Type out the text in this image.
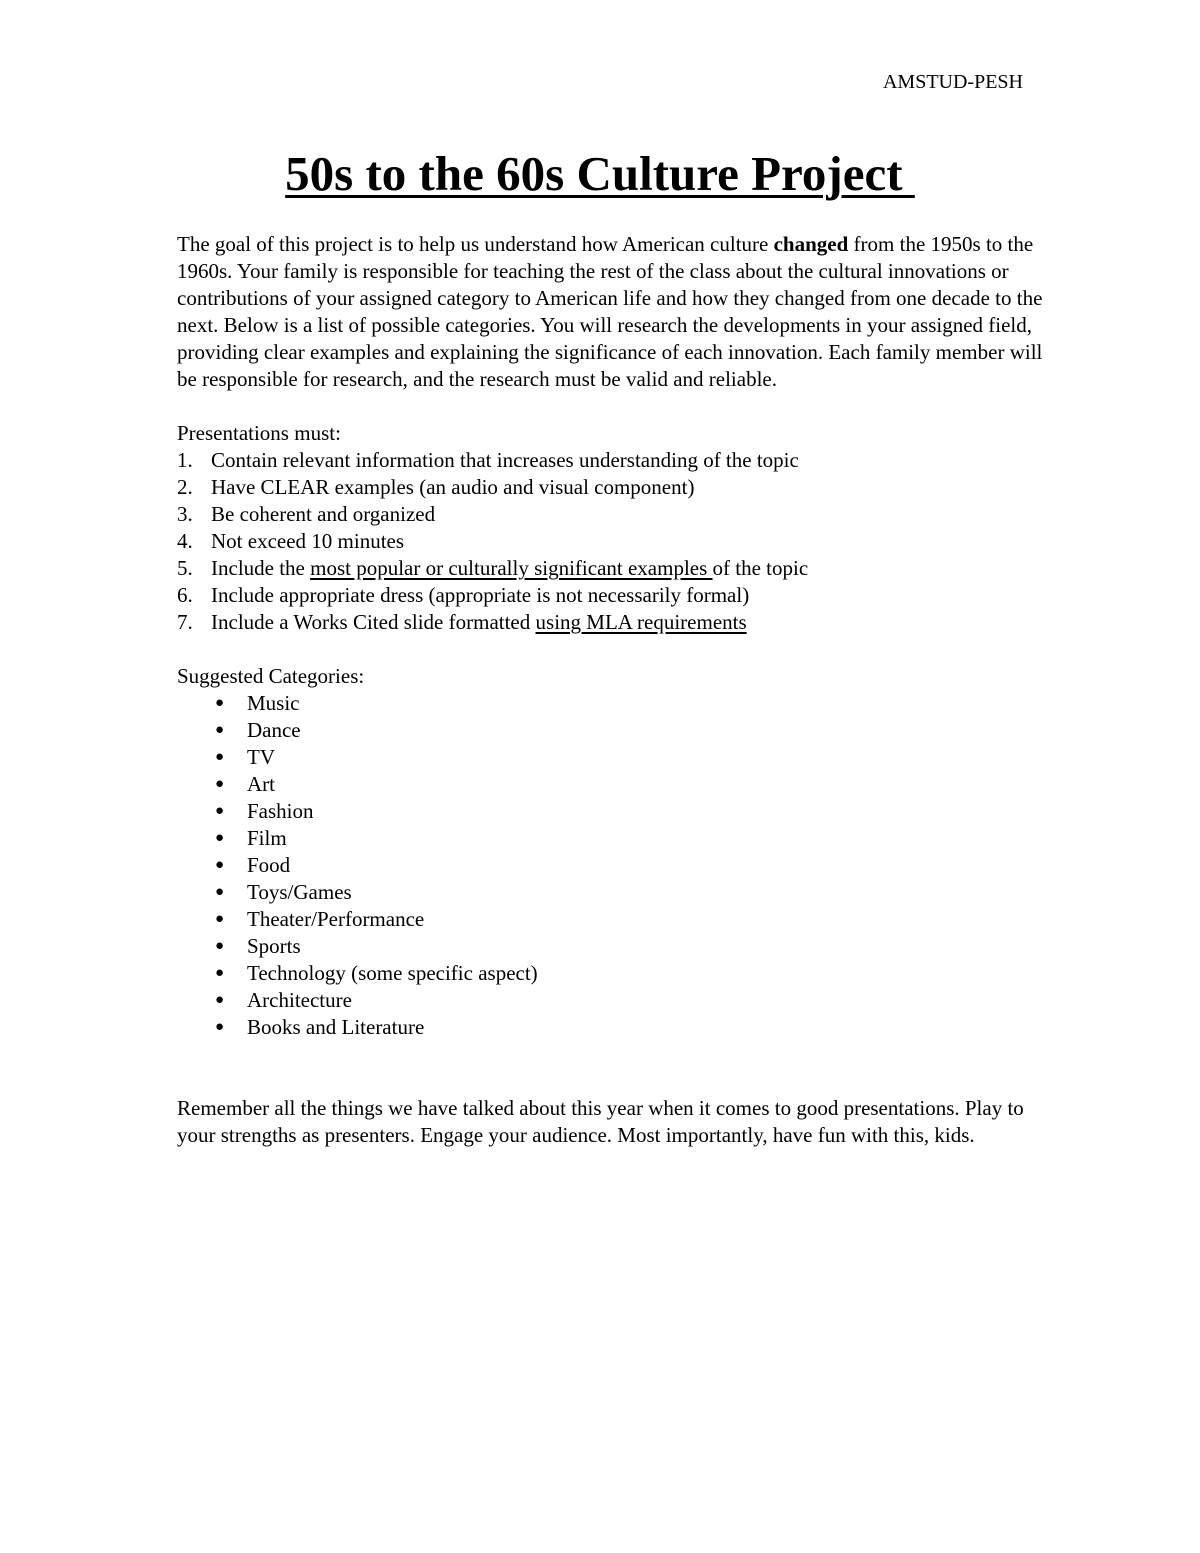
AMSTUD-PESH
50s to the 60s Culture Project

The goal of this project is to help us understand how American culture changed from the 1950s to the 1960s. Your family is responsible for teaching the rest of the class about the cultural innovations or contributions of your assigned category to American life and how they changed from one decade to the next. Below is a list of possible categories. You will research the developments in your assigned field, providing clear examples and explaining the significance of each innovation. Each family member will be responsible for research, and the research must be valid and reliable.

Presentations must:

1. Contain relevant information that increases understanding of the topic
2. Have CLEAR examples (an audio and visual component)
3. Be coherent and organized
4. Not exceed 10 minutes
5. Include the most popular or culturally significant examples of the topic
6. Include appropriate dress (appropriate is not necessarily formal)
7. Include a Works Cited slide formatted using MLA requirements

Suggested Categories:

● Music
● Dance
● TV
● Art
● Fashion
● Film
● Food
● Toys/Games
● Theater/Performance
● Sports
● Technology (some specific aspect)
● Architecture
● Books and Literature

Remember all the things we have talked about this year when it comes to good presentations. Play to your strengths as presenters. Engage your audience. Most importantly, have fun with this, kids.
